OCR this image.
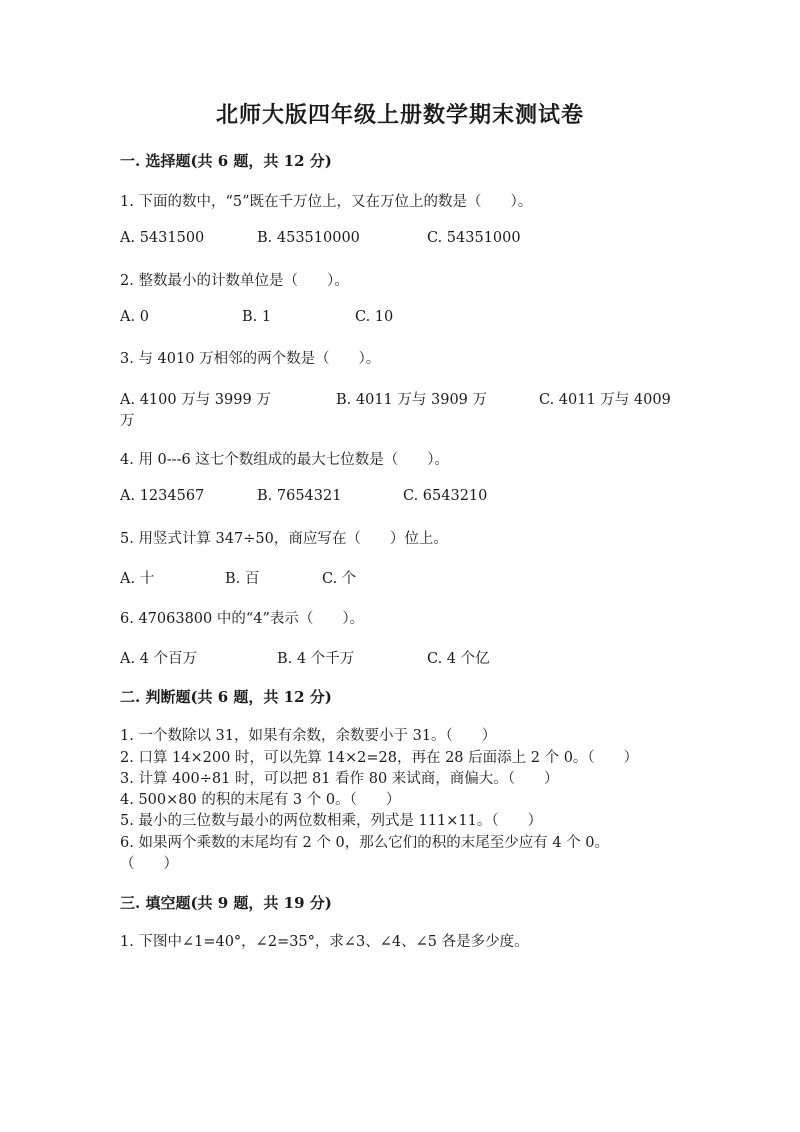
北师大版四年级上册数学期末测试卷
一. 选择题(共 6 题，共 12 分)
1. 下面的数中，“5”既在千万位上，又在万位上的数是（　　）。
A. 5431500	B. 453510000	C. 54351000
2. 整数最小的计数单位是（　　）。
A. 0	B. 1	C. 10
3. 与 4010 万相邻的两个数是（　　）。
A. 4100 万与 3999 万	B. 4011 万与 3909 万	C. 4011 万与 4009
万
4. 用 0---6 这七个数组成的最大七位数是（　　）。
A. 1234567	B. 7654321	C. 6543210
5. 用竖式计算 347÷50，商应写在（　　）位上。
A. 十	B. 百	C. 个
6. 47063800 中的“4”表示（　　）。
A. 4 个百万	B. 4 个千万	C. 4 个亿
二. 判断题(共 6 题，共 12 分)
1. 一个数除以 31，如果有余数，余数要小于 31。（　　）
2. 口算 14×200 时，可以先算 14×2=28，再在 28 后面添上 2 个 0。（　　）
3. 计算 400÷81 时，可以把 81 看作 80 来试商，商偏大。（　　）
4. 500×80 的积的末尾有 3 个 0。（　　）
5. 最小的三位数与最小的两位数相乘，列式是 111×11。（　　）
6. 如果两个乘数的末尾均有 2 个 0，那么它们的积的末尾至少应有 4 个 0。
（　　）
三. 填空题(共 9 题，共 19 分)
1. 下图中∠1=40°，∠2=35°，求∠3、∠4、∠5 各是多少度。
